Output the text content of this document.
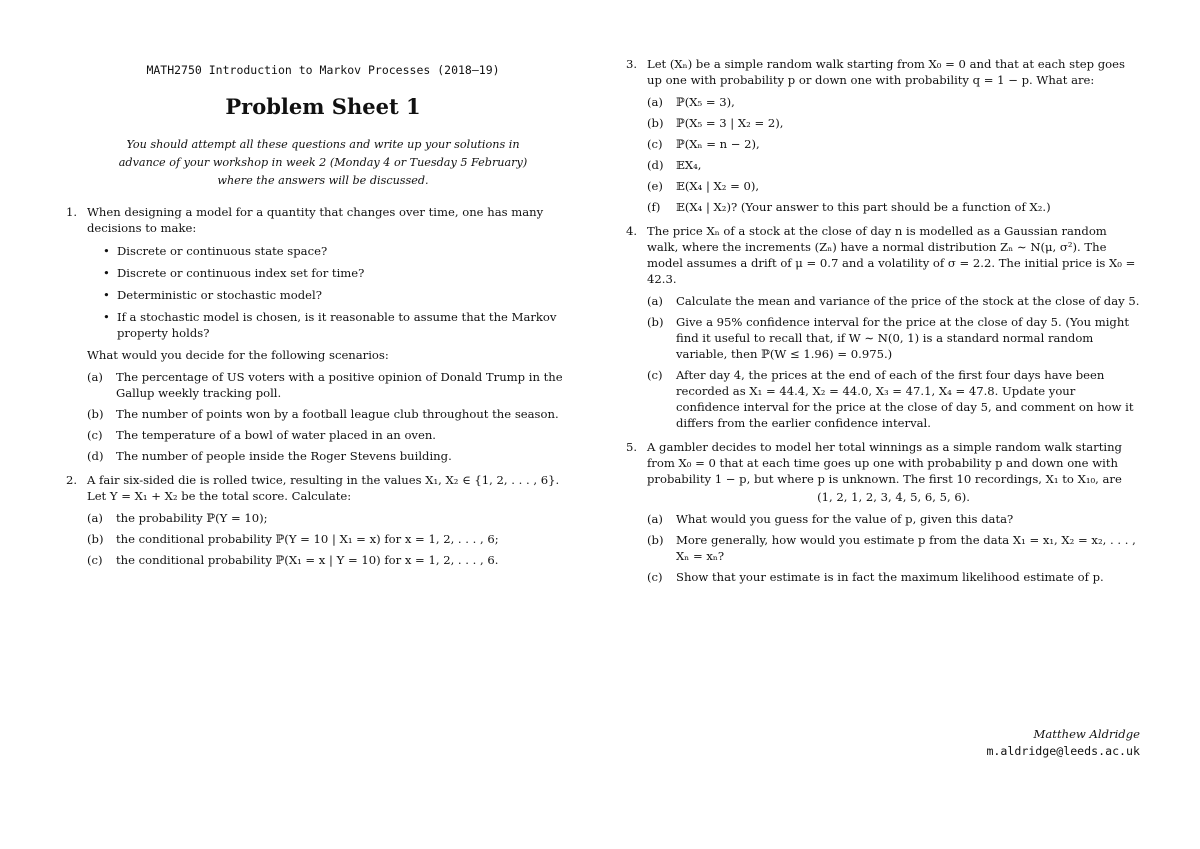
MATH2750 Introduction to Markov Processes (2018–19)
Problem Sheet 1
You should attempt all these questions and write up your solutions in advance of your workshop in week 2 (Monday 4 or Tuesday 5 February) where the answers will be discussed.
1. When designing a model for a quantity that changes over time, one has many decisions to make:

• Discrete or continuous state space?
• Discrete or continuous index set for time?
• Deterministic or stochastic model?
• If a stochastic model is chosen, is it reasonable to assume that the Markov property holds?

What would you decide for the following scenarios:

(a) The percentage of US voters with a positive opinion of Donald Trump in the Gallup weekly tracking poll.
(b) The number of points won by a football league club throughout the season.
(c) The temperature of a bowl of water placed in an oven.
(d) The number of people inside the Roger Stevens building.
2. A fair six-sided die is rolled twice, resulting in the values X₁, X₂ ∈ {1, 2, . . . , 6}. Let Y = X₁ + X₂ be the total score. Calculate:

(a) the probability ℙ(Y = 10);
(b) the conditional probability ℙ(Y = 10 | X₁ = x) for x = 1, 2, . . . , 6;
(c) the conditional probability ℙ(X₁ = x | Y = 10) for x = 1, 2, . . . , 6.
3. Let (Xₙ) be a simple random walk starting from X₀ = 0 and that at each step goes up one with probability p or down one with probability q = 1 − p. What are:

(a) ℙ(X₅ = 3),
(b) ℙ(X₅ = 3 | X₂ = 2),
(c) ℙ(Xₙ = n − 2),
(d) 𝔼X₄,
(e) 𝔼(X₄ | X₂ = 0),
(f) 𝔼(X₄ | X₂)? (Your answer to this part should be a function of X₂.)
4. The price Xₙ of a stock at the close of day n is modelled as a Gaussian random walk, where the increments (Zₙ) have a normal distribution Zₙ ∼ N(μ, σ²). The model assumes a drift of μ = 0.7 and a volatility of σ = 2.2. The initial price is X₀ = 42.3.

(a) Calculate the mean and variance of the price of the stock at the close of day 5.
(b) Give a 95% confidence interval for the price at the close of day 5. (You might find it useful to recall that, if W ∼ N(0, 1) is a standard normal random variable, then ℙ(W ≤ 1.96) = 0.975.)
(c) After day 4, the prices at the end of each of the first four days have been recorded as X₁ = 44.4, X₂ = 44.0, X₃ = 47.1, X₄ = 47.8. Update your confidence interval for the price at the close of day 5, and comment on how it differs from the earlier confidence interval.
5. A gambler decides to model her total winnings as a simple random walk starting from X₀ = 0 that at each time goes up one with probability p and down one with probability 1 − p, but where p is unknown. The first 10 recordings, X₁ to X₁₀, are

(1, 2, 1, 2, 3, 4, 5, 6, 5, 6).
(a) What would you guess for the value of p, given this data?
(b) More generally, how would you estimate p from the data X₁ = x₁, X₂ = x₂, . . . , Xₙ = xₙ?
(c) Show that your estimate is in fact the maximum likelihood estimate of p.
Matthew Aldridge
m.aldridge@leeds.ac.uk
